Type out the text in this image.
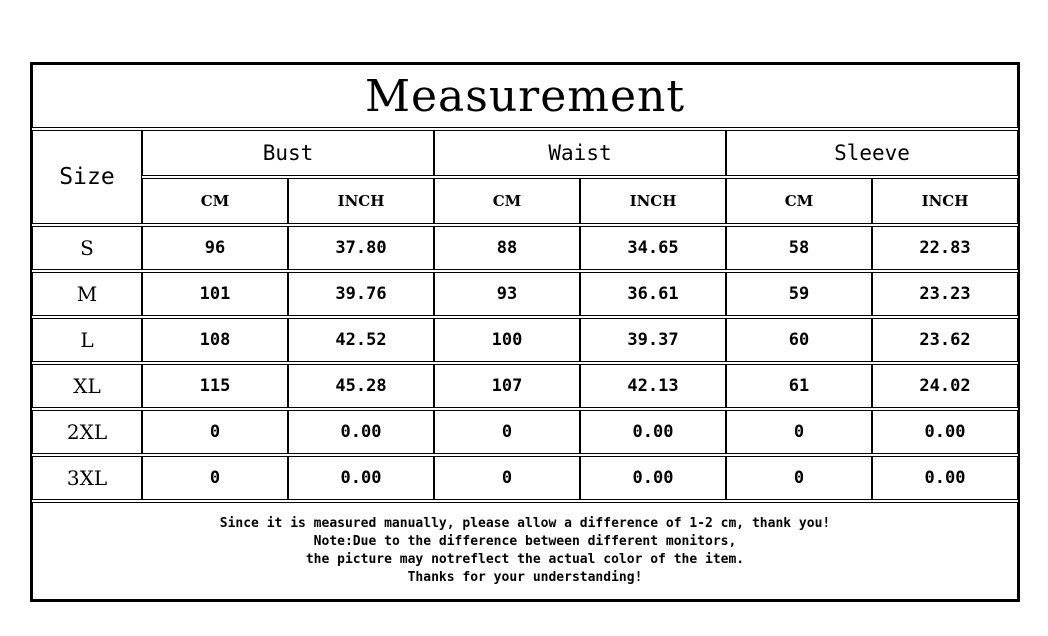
Measurement
Size
Bust	Waist	Sleeve
CM	INCH	CM	INCH	CM	INCH
S	96	37.80	88	34.65	58	22.83
M	101	39.76	93	36.61	59	23.23
L	108	42.52	100	39.37	60	23.62
XL	115	45.28	107	42.13	61	24.02
2XL	0	0.00	0	0.00	0	0.00
3XL	0	0.00	0	0.00	0	0.00
Since it is measured manually, please allow a difference of 1-2 cm, thank you!
Note:Due to the difference between different monitors,
the picture may notreflect the actual color of the item.
Thanks for your understanding!
